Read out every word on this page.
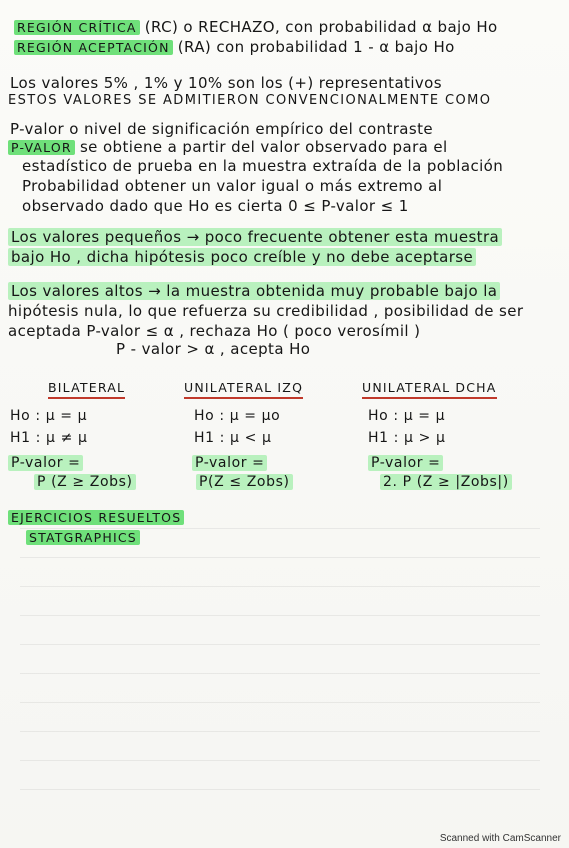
REGIÓN CRÍTICA (RC) o RECHAZO, con probabilidad α bajo Ho
REGIÓN ACEPTACIÓN (RA) con probabilidad 1 - α bajo Ho
Los valores 5% , 1% y 10% son los (+) representativos
ESTOS VALORES SE ADMITIERON CONVENCIONALMENTE COMO
P-valor o nivel de significación empírico del contraste
P-VALOR se obtiene a partir del valor observado para el
estadístico de prueba en la muestra extraída de la población
Probabilidad obtener un valor igual o más extremo al
observado dado que Ho es cierta 0 ≤ P-valor ≤ 1
Los valores pequeños → poco frecuente obtener esta muestra
bajo Ho , dicha hipótesis poco creíble y no debe aceptarse
Los valores altos → la muestra obtenida muy probable bajo la
hipótesis nula, lo que refuerza su credibilidad , posibilidad de ser
aceptada P-valor ≤ α , rechaza Ho ( poco verosímil )
P - valor > α , acepta Ho
BILATERAL
Ho : μ = μ
H1 : μ ≠ μ
P-valor =
P (Z ≥ Zobs)
UNILATERAL IZQ
Ho : μ = μo
H1 : μ < μ
P-valor =
P(Z ≤ Zobs)
UNILATERAL DCHA
Ho : μ = μ
H1 : μ > μ
P-valor =
2. P (Z ≥ |Zobs|)
EJERCICIOS RESUELTOS
STATGRAPHICS
Scanned with CamScanner
